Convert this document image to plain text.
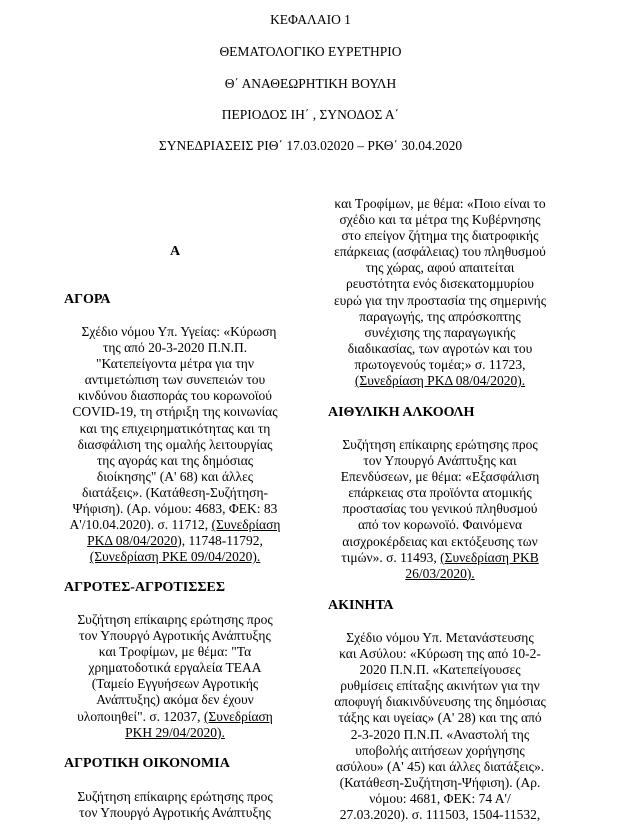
ΚΕΦΑΛΑΙΟ 1
ΘΕΜΑΤΟΛΟΓΙΚΟ ΕΥΡΕΤΗΡΙΟ
Θ΄ ΑΝΑΘΕΩΡΗΤΙΚΗ ΒΟΥΛΗ
ΠΕΡΙΟΔΟΣ ΙΗ΄ , ΣΥΝΟΔΟΣ Α΄
ΣΥΝΕΔΡΙΑΣΕΙΣ ΡΙΘ΄ 17.03.02020 – ΡΚΘ΄ 30.04.2020
Α
ΑΓΟΡΑ
Σχέδιο νόμου Υπ. Υγείας: «Κύρωση
της από 20-3-2020 Π.Ν.Π.
"Κατεπείγοντα μέτρα για την
αντιμετώπιση των συνεπειών του
κινδύνου διασποράς του κορωνοϊού
COVID-19, τη στήριξη της κοινωνίας
και της επιχειρηματικότητας και τη
διασφάλιση της ομαλής λειτουργίας
της αγοράς και της δημόσιας
διοίκησης" (Α' 68) και άλλες
διατάξεις». (Κατάθεση-Συζήτηση-
Ψήφιση). (Αρ. νόμου: 4683, ΦΕΚ: 83
Α'/10.04.2020). σ. 11712, (Συνεδρίαση
ΡΚΔ 08/04/2020), 11748-11792,
(Συνεδρίαση ΡΚΕ 09/04/2020).
ΑΓΡΟΤΕΣ-ΑΓΡΟΤΙΣΣΕΣ
Συζήτηση επίκαιρης ερώτησης προς
τον Υπουργό Αγροτικής Ανάπτυξης
και Τροφίμων, με θέμα: "Τα
χρηματοδοτικά εργαλεία ΤΕΑΑ
(Ταμείο Εγγυήσεων Αγροτικής
Ανάπτυξης) ακόμα δεν έχουν
υλοποιηθεί". σ. 12037, (Συνεδρίαση
ΡΚΗ 29/04/2020).
ΑΓΡΟΤΙΚΗ ΟΙΚΟΝΟΜΙΑ
Συζήτηση επίκαιρης ερώτησης προς
τον Υπουργό Αγροτικής Ανάπτυξης
και Τροφίμων, με θέμα: «Ποιο είναι το
σχέδιο και τα μέτρα της Κυβέρνησης
στο επείγον ζήτημα της διατροφικής
επάρκειας (ασφάλειας) του πληθυσμού
της χώρας, αφού απαιτείται
ρευστότητα ενός δισεκατομμυρίου
ευρώ για την προστασία της σημερινής
παραγωγής, της απρόσκοπτης
συνέχισης της παραγωγικής
διαδικασίας, των αγροτών και του
πρωτογενούς τομέα;» σ. 11723,
(Συνεδρίαση ΡΚΔ 08/04/2020).
ΑΙΘΥΛΙΚΗ ΑΛΚΟΟΛΗ
Συζήτηση επίκαιρης ερώτησης προς
τον Υπουργό Ανάπτυξης και
Επενδύσεων, με θέμα: «Εξασφάλιση
επάρκειας στα προϊόντα ατομικής
προστασίας του γενικού πληθυσμού
από τον κορωνοϊό. Φαινόμενα
αισχροκέρδειας και εκτόξευσης των
τιμών». σ. 11493, (Συνεδρίαση ΡΚΒ
26/03/2020).
ΑΚΙΝΗΤΑ
Σχέδιο νόμου Υπ. Μετανάστευσης
και Ασύλου: «Κύρωση της από 10-2-
2020 Π.Ν.Π. «Κατεπείγουσες
ρυθμίσεις επίταξης ακινήτων για την
αποφυγή διακινδύνευσης της δημόσιας
τάξης και υγείας» (Α' 28) και της από
2-3-2020 Π.Ν.Π. «Αναστολή της
υποβολής αιτήσεων χορήγησης
ασύλου» (Α' 45) και άλλες διατάξεις».
(Κατάθεση-Συζήτηση-Ψήφιση). (Αρ.
νόμου: 4681, ΦΕΚ: 74 Α'/
27.03.2020). σ. 111503, 1504-11532,
